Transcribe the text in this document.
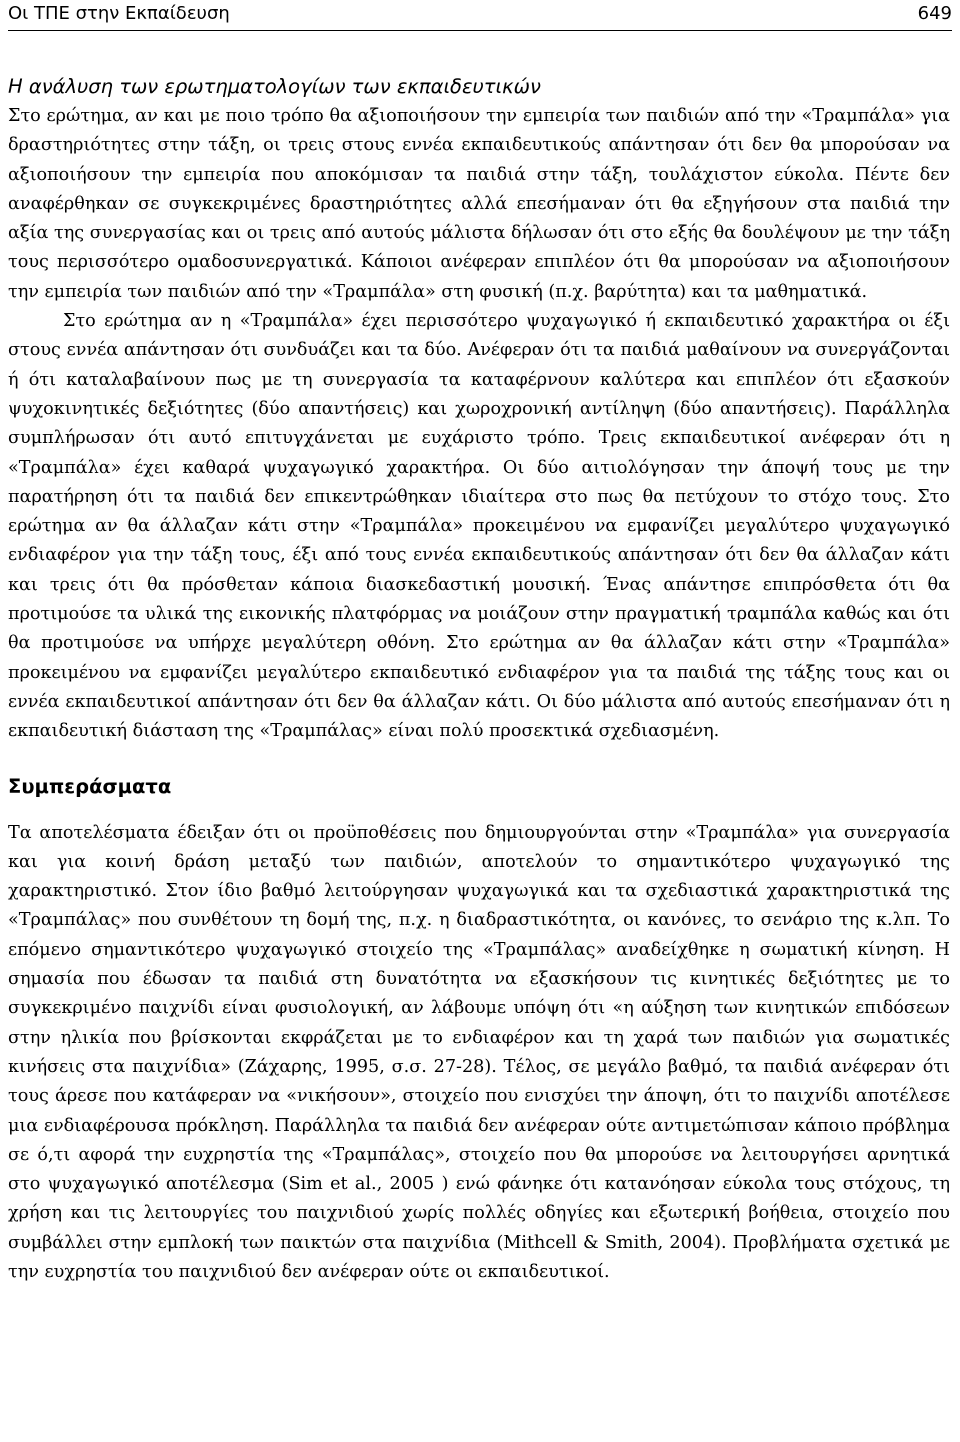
Οι ΤΠΕ στην Εκπαίδευση	649
Η ανάλυση των ερωτηματολογίων των εκπαιδευτικών

Στο ερώτημα, αν και με ποιο τρόπο θα αξιοποιήσουν την εμπειρία των παιδιών από την «Τραμπάλα» για δραστηριότητες στην τάξη, οι τρεις στους εννέα εκπαιδευτικούς απάντησαν ότι δεν θα μπορούσαν να αξιοποιήσουν την εμπειρία που αποκόμισαν τα παιδιά στην τάξη, τουλάχιστον εύκολα. Πέντε δεν αναφέρθηκαν σε συγκεκριμένες δραστηριότητες αλλά επεσήμαναν ότι θα εξηγήσουν στα παιδιά την αξία της συνεργασίας και οι τρεις από αυτούς μάλιστα δήλωσαν ότι στο εξής θα δουλέψουν με την τάξη τους περισσότερο ομαδοσυνεργατικά. Κάποιοι ανέφεραν επιπλέον ότι θα μπορούσαν να αξιοποιήσουν την εμπειρία των παιδιών από την «Τραμπάλα» στη φυσική (π.χ. βαρύτητα) και τα μαθηματικά.

Στο ερώτημα αν η «Τραμπάλα» έχει περισσότερο ψυχαγωγικό ή εκπαιδευτικό χαρακτήρα οι έξι στους εννέα απάντησαν ότι συνδυάζει και τα δύο. Ανέφεραν ότι τα παιδιά μαθαίνουν να συνεργάζονται ή ότι καταλαβαίνουν πως με τη συνεργασία τα καταφέρνουν καλύτερα και επιπλέον ότι εξασκούν ψυχοκινητικές δεξιότητες (δύο απαντήσεις) και χωροχρονική αντίληψη (δύο απαντήσεις). Παράλληλα συμπλήρωσαν ότι αυτό επιτυγχάνεται με ευχάριστο τρόπο. Τρεις εκπαιδευτικοί ανέφεραν ότι η «Τραμπάλα» έχει καθαρά ψυχαγωγικό χαρακτήρα. Οι δύο αιτιολόγησαν την άποψή τους με την παρατήρηση ότι τα παιδιά δεν επικεντρώθηκαν ιδιαίτερα στο πως θα πετύχουν το στόχο τους. Στο ερώτημα αν θα άλλαζαν κάτι στην «Τραμπάλα» προκειμένου να εμφανίζει μεγαλύτερο ψυχαγωγικό ενδιαφέρον για την τάξη τους, έξι από τους εννέα εκπαιδευτικούς απάντησαν ότι δεν θα άλλαζαν κάτι και τρεις ότι θα πρόσθεταν κάποια διασκεδαστική μουσική. Ένας απάντησε επιπρόσθετα ότι θα προτιμούσε τα υλικά της εικονικής πλατφόρμας να μοιάζουν στην πραγματική τραμπάλα καθώς και ότι θα προτιμούσε να υπήρχε μεγαλύτερη οθόνη. Στο ερώτημα αν θα άλλαζαν κάτι στην «Τραμπάλα» προκειμένου να εμφανίζει μεγαλύτερο εκπαιδευτικό ενδιαφέρον για τα παιδιά της τάξης τους και οι εννέα εκπαιδευτικοί απάντησαν ότι δεν θα άλλαζαν κάτι. Οι δύο μάλιστα από αυτούς επεσήμαναν ότι η εκπαιδευτική διάσταση της «Τραμπάλας» είναι πολύ προσεκτικά σχεδιασμένη.

Συμπεράσματα

Τα αποτελέσματα έδειξαν ότι οι προϋποθέσεις που δημιουργούνται στην «Τραμπάλα» για συνεργασία και για κοινή δράση μεταξύ των παιδιών, αποτελούν το σημαντικότερο ψυχαγωγικό της χαρακτηριστικό. Στον ίδιο βαθμό λειτούργησαν ψυχαγωγικά και τα σχεδιαστικά χαρακτηριστικά της «Τραμπάλας» που συνθέτουν τη δομή της, π.χ. η διαδραστικότητα, οι κανόνες, το σενάριο της κ.λπ. Το επόμενο σημαντικότερο ψυχαγωγικό στοιχείο της «Τραμπάλας» αναδείχθηκε η σωματική κίνηση. Η σημασία που έδωσαν τα παιδιά στη δυνατότητα να εξασκήσουν τις κινητικές δεξιότητες με το συγκεκριμένο παιχνίδι είναι φυσιολογική, αν λάβουμε υπόψη ότι «η αύξηση των κινητικών επιδόσεων στην ηλικία που βρίσκονται εκφράζεται με το ενδιαφέρον και τη χαρά των παιδιών για σωματικές κινήσεις στα παιχνίδια» (Ζάχαρης, 1995, σ.σ. 27-28). Τέλος, σε μεγάλο βαθμό, τα παιδιά ανέφεραν ότι τους άρεσε που κατάφεραν να «νικήσουν», στοιχείο που ενισχύει την άποψη, ότι το παιχνίδι αποτέλεσε μια ενδιαφέρουσα πρόκληση. Παράλληλα τα παιδιά δεν ανέφεραν ούτε αντιμετώπισαν κάποιο πρόβλημα σε ό,τι αφορά την ευχρηστία της «Τραμπάλας», στοιχείο που θα μπορούσε να λειτουργήσει αρνητικά στο ψυχαγωγικό αποτέλεσμα (Sim et al., 2005 ) ενώ φάνηκε ότι κατανόησαν εύκολα τους στόχους, τη χρήση και τις λειτουργίες του παιχνιδιού χωρίς πολλές οδηγίες και εξωτερική βοήθεια, στοιχείο που συμβάλλει στην εμπλοκή των παικτών στα παιχνίδια (Mithcell & Smith, 2004). Προβλήματα σχετικά με την ευχρηστία του παιχνιδιού δεν ανέφεραν ούτε οι εκπαιδευτικοί.
